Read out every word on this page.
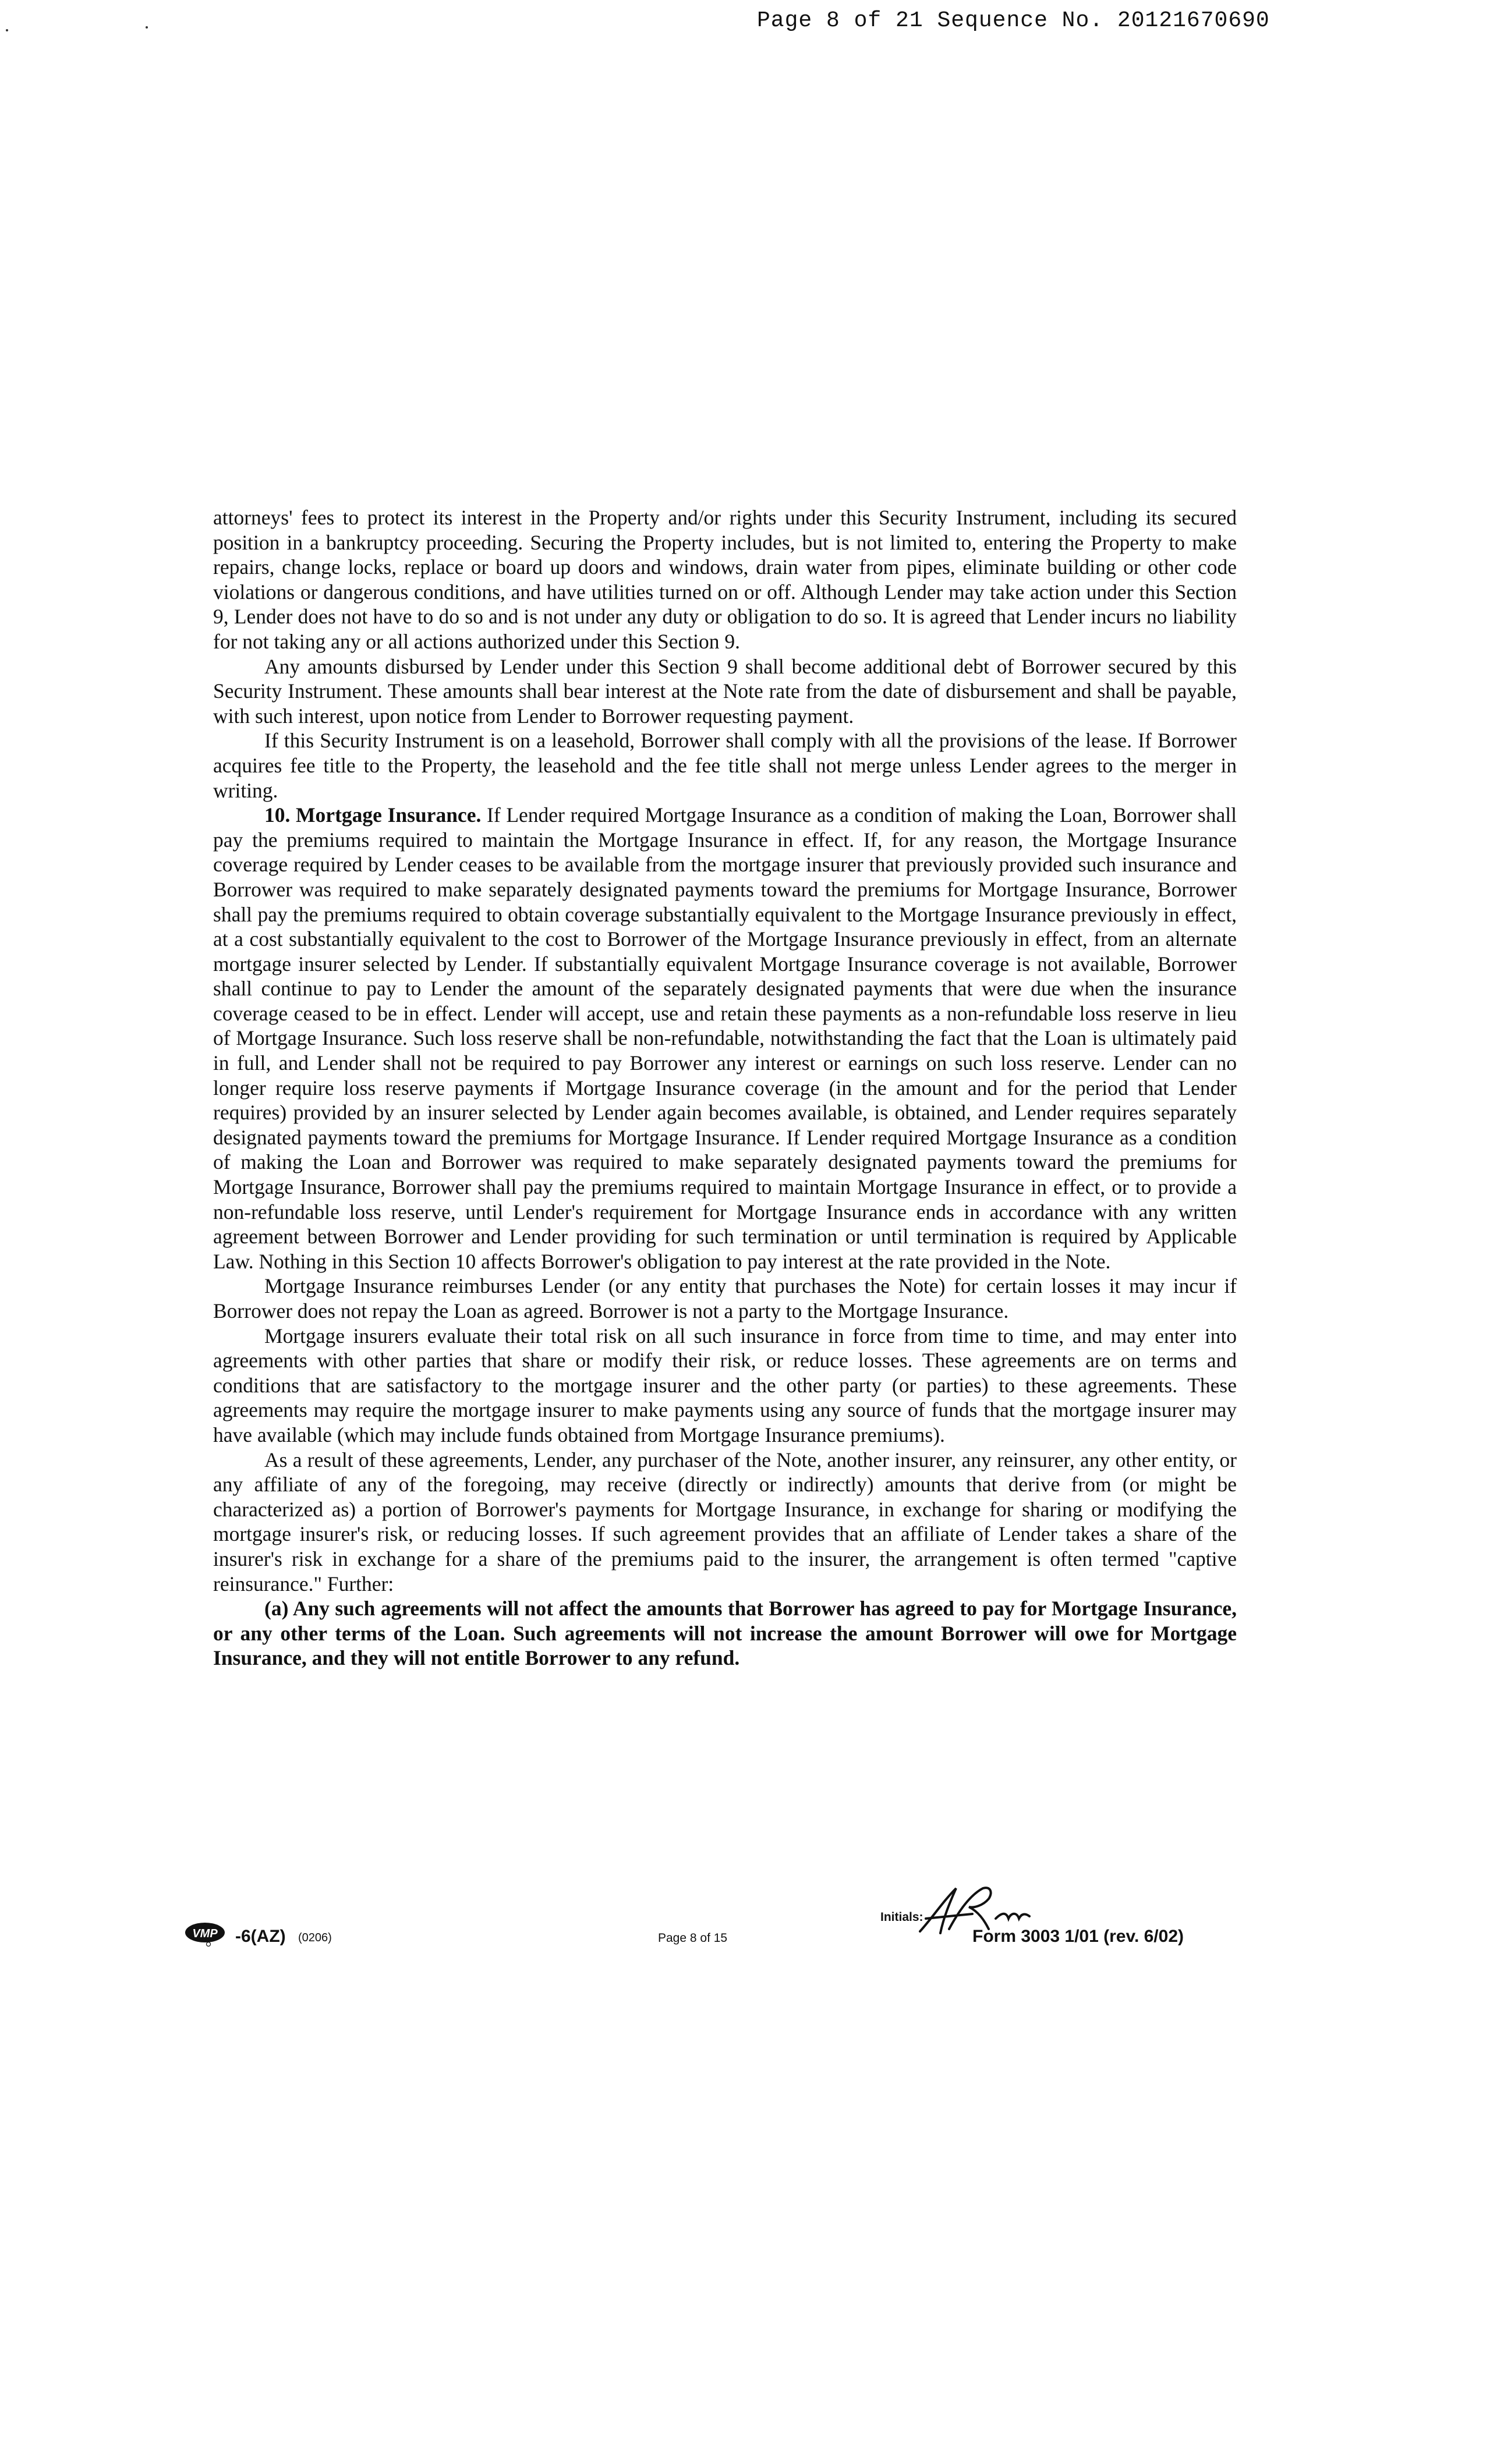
Page 8 of 21 Sequence No. 20121670690

attorneys' fees to protect its interest in the Property and/or rights under this Security Instrument, including its secured position in a bankruptcy proceeding. Securing the Property includes, but is not limited to, entering the Property to make repairs, change locks, replace or board up doors and windows, drain water from pipes, eliminate building or other code violations or dangerous conditions, and have utilities turned on or off. Although Lender may take action under this Section 9, Lender does not have to do so and is not under any duty or obligation to do so. It is agreed that Lender incurs no liability for not taking any or all actions authorized under this Section 9.

Any amounts disbursed by Lender under this Section 9 shall become additional debt of Borrower secured by this Security Instrument. These amounts shall bear interest at the Note rate from the date of disbursement and shall be payable, with such interest, upon notice from Lender to Borrower requesting payment.

If this Security Instrument is on a leasehold, Borrower shall comply with all the provisions of the lease. If Borrower acquires fee title to the Property, the leasehold and the fee title shall not merge unless Lender agrees to the merger in writing.

10. Mortgage Insurance. If Lender required Mortgage Insurance as a condition of making the Loan, Borrower shall pay the premiums required to maintain the Mortgage Insurance in effect. If, for any reason, the Mortgage Insurance coverage required by Lender ceases to be available from the mortgage insurer that previously provided such insurance and Borrower was required to make separately designated payments toward the premiums for Mortgage Insurance, Borrower shall pay the premiums required to obtain coverage substantially equivalent to the Mortgage Insurance previously in effect, at a cost substantially equivalent to the cost to Borrower of the Mortgage Insurance previously in effect, from an alternate mortgage insurer selected by Lender. If substantially equivalent Mortgage Insurance coverage is not available, Borrower shall continue to pay to Lender the amount of the separately designated payments that were due when the insurance coverage ceased to be in effect. Lender will accept, use and retain these payments as a non-refundable loss reserve in lieu of Mortgage Insurance. Such loss reserve shall be non-refundable, notwithstanding the fact that the Loan is ultimately paid in full, and Lender shall not be required to pay Borrower any interest or earnings on such loss reserve. Lender can no longer require loss reserve payments if Mortgage Insurance coverage (in the amount and for the period that Lender requires) provided by an insurer selected by Lender again becomes available, is obtained, and Lender requires separately designated payments toward the premiums for Mortgage Insurance. If Lender required Mortgage Insurance as a condition of making the Loan and Borrower was required to make separately designated payments toward the premiums for Mortgage Insurance, Borrower shall pay the premiums required to maintain Mortgage Insurance in effect, or to provide a non-refundable loss reserve, until Lender's requirement for Mortgage Insurance ends in accordance with any written agreement between Borrower and Lender providing for such termination or until termination is required by Applicable Law. Nothing in this Section 10 affects Borrower's obligation to pay interest at the rate provided in the Note.

Mortgage Insurance reimburses Lender (or any entity that purchases the Note) for certain losses it may incur if Borrower does not repay the Loan as agreed. Borrower is not a party to the Mortgage Insurance.

Mortgage insurers evaluate their total risk on all such insurance in force from time to time, and may enter into agreements with other parties that share or modify their risk, or reduce losses. These agreements are on terms and conditions that are satisfactory to the mortgage insurer and the other party (or parties) to these agreements. These agreements may require the mortgage insurer to make payments using any source of funds that the mortgage insurer may have available (which may include funds obtained from Mortgage Insurance premiums).

As a result of these agreements, Lender, any purchaser of the Note, another insurer, any reinsurer, any other entity, or any affiliate of any of the foregoing, may receive (directly or indirectly) amounts that derive from (or might be characterized as) a portion of Borrower's payments for Mortgage Insurance, in exchange for sharing or modifying the mortgage insurer's risk, or reducing losses. If such agreement provides that an affiliate of Lender takes a share of the insurer's risk in exchange for a share of the premiums paid to the insurer, the arrangement is often termed "captive reinsurance." Further:

(a) Any such agreements will not affect the amounts that Borrower has agreed to pay for Mortgage Insurance, or any other terms of the Loan. Such agreements will not increase the amount Borrower will owe for Mortgage Insurance, and they will not entitle Borrower to any refund.

VMP -6(AZ) (0206)	Page 8 of 15
Initials:
Form 3003 1/01 (rev. 6/02)
